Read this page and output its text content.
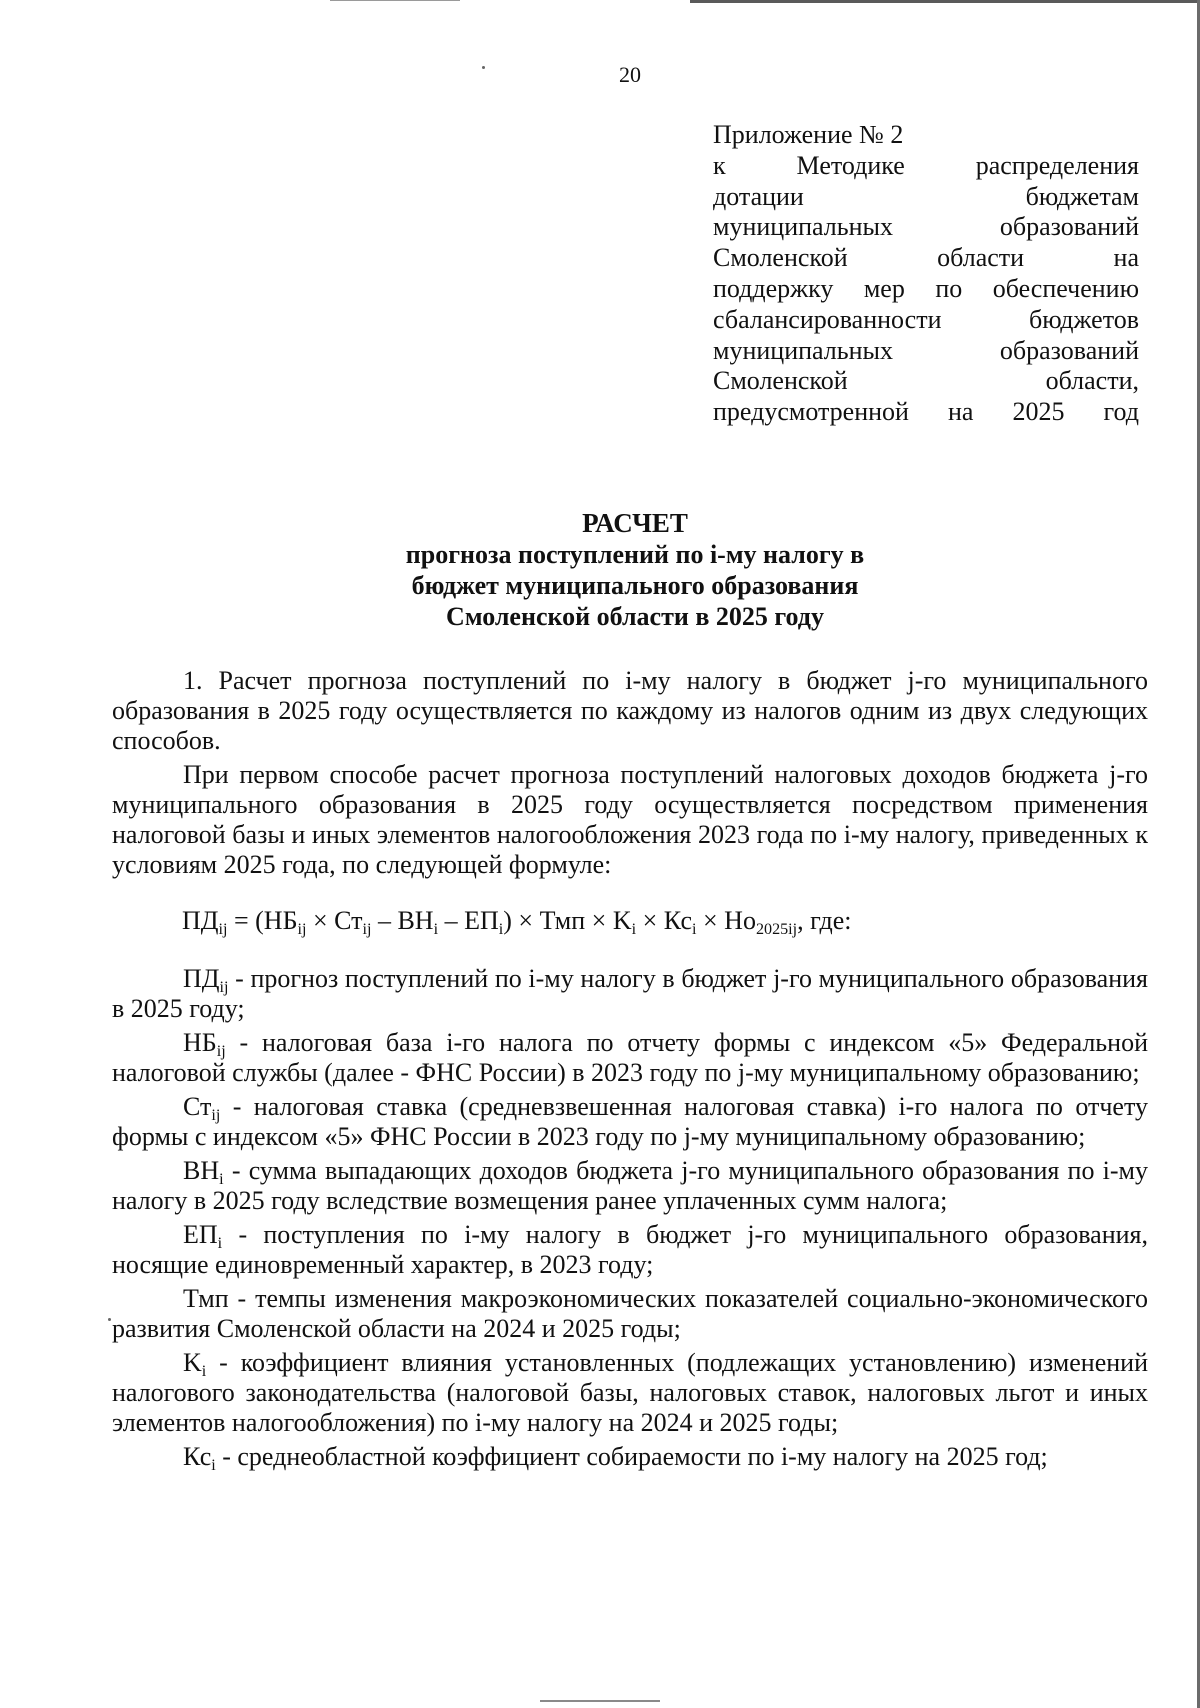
20
Приложение № 2
к Методике распределения
дотации бюджетам
муниципальных образований
Смоленской области на
поддержку мер по обеспечению
сбалансированности бюджетов
муниципальных образований
Смоленской области,
предусмотренной на 2025 год
РАСЧЕТ
прогноза поступлений по i-му налогу в
бюджет муниципального образования
Смоленской области в 2025 году

1. Расчет прогноза поступлений по i-му налогу в бюджет j-го муниципального образования в 2025 году осуществляется по каждому из налогов одним из двух следующих способов.

При первом способе расчет прогноза поступлений налоговых доходов бюджета j-го муниципального образования в 2025 году осуществляется посредством применения налоговой базы и иных элементов налогообложения 2023 года по i-му налогу, приведенных к условиям 2025 года, по следующей формуле:

$ПД_{ij} = (НБ_{ij} \times Ст_{ij} - ВН_i - ЕП_i)$ × Тмп × $K_i \times Кс_i \times Но_{2025ij}$, где:

$ПД_{ij}$ - прогноз поступлений по i-му налогу в бюджет j-го муниципального образования в 2025 году;

$НБ_{ij}$ - налоговая база i-го налога по отчету формы с индексом «5» Федеральной налоговой службы (далее - ФНС России) в 2023 году по j-му муниципальному образованию;

$Ст_{ij}$ - налоговая ставка (средневзвешенная налоговая ставка) i-го налога по отчету формы с индексом «5» ФНС России в 2023 году по j-му муниципальному образованию;

$ВН_i$ - сумма выпадающих доходов бюджета j-го муниципального образования по i-му налогу в 2025 году вследствие возмещения ранее уплаченных сумм налога;

$ЕП_i$ - поступления по i-му налогу в бюджет j-го муниципального образования, носящие единовременный характер, в 2023 году;

Тмп - темпы изменения макроэкономических показателей социально-экономического развития Смоленской области на 2024 и 2025 годы;

$K_i$ - коэффициент влияния установленных (подлежащих установлению) изменений налогового законодательства (налоговой базы, налоговых ставок, налоговых льгот и иных элементов налогообложения) по i-му налогу на 2024 и 2025 годы;

$Кс_i$ - среднеобластной коэффициент собираемости по i-му налогу на 2025 год;
